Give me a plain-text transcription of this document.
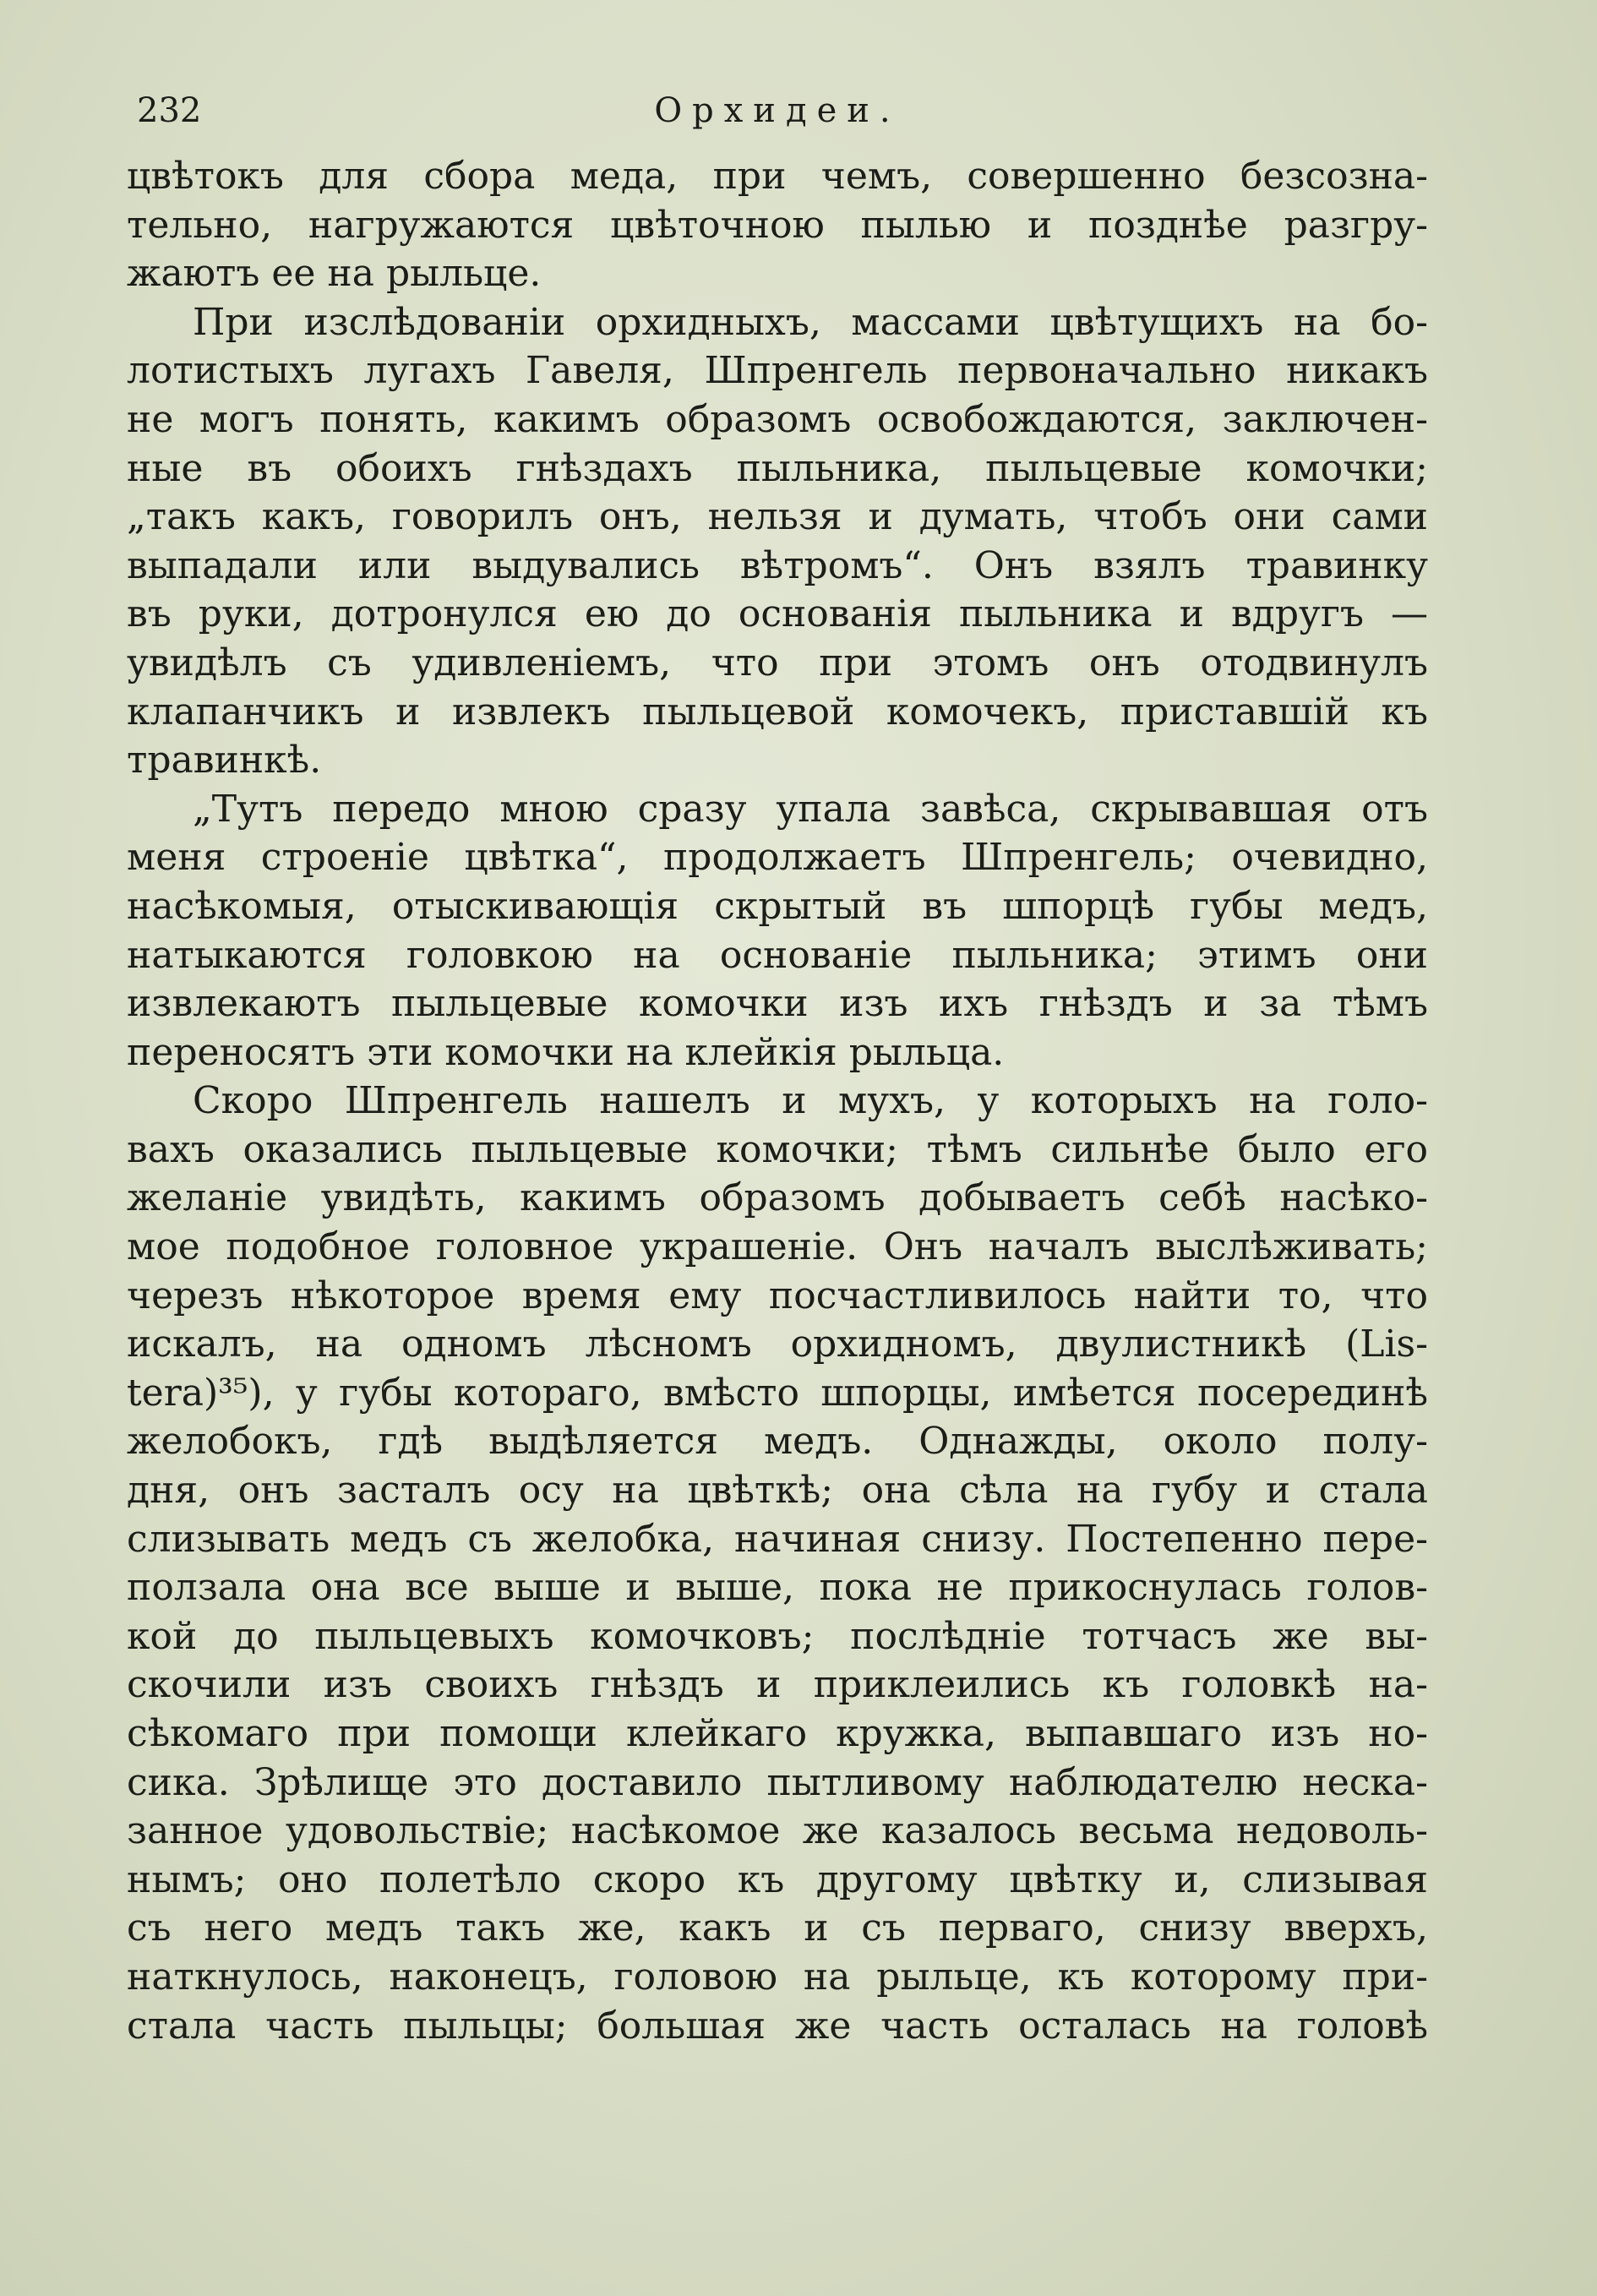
232	Орхидеи.
цвѣтокъ для сбора меда, при чемъ, совершенно безсозна-
тельно, нагружаются цвѣточною пылью и позднѣе разгру-
жаютъ ее на рыльце.
При изслѣдованіи орхидныхъ, массами цвѣтущихъ на бо-
лотистыхъ лугахъ Гавеля, Шпренгель первоначально никакъ
не могъ понять, какимъ образомъ освобождаются, заключен-
ные въ обоихъ гнѣздахъ пыльника, пыльцевые комочки;
„такъ какъ, говорилъ онъ, нельзя и думать, чтобъ они сами
выпадали или выдувались вѣтромъ“. Онъ взялъ травинку
въ руки, дотронулся ею до основанія пыльника и вдругъ —
увидѣлъ съ удивленіемъ, что при этомъ онъ отодвинулъ
клапанчикъ и извлекъ пыльцевой комочекъ, приставшій къ
травинкѣ.
„Тутъ передо мною сразу упала завѣса, скрывавшая отъ
меня строеніе цвѣтка“, продолжаетъ Шпренгель; очевидно,
насѣкомыя, отыскивающія скрытый въ шпорцѣ губы медъ,
натыкаются головкою на основаніе пыльника; этимъ они
извлекаютъ пыльцевые комочки изъ ихъ гнѣздъ и за тѣмъ
переносятъ эти комочки на клейкія рыльца.
Скоро Шпренгель нашелъ и мухъ, у которыхъ на голо-
вахъ оказались пыльцевые комочки; тѣмъ сильнѣе было его
желаніе увидѣть, какимъ образомъ добываетъ себѣ насѣко-
мое подобное головное украшеніе. Онъ началъ выслѣживать;
черезъ нѣкоторое время ему посчастливилось найти то, что
искалъ, на одномъ лѣсномъ орхидномъ, двулистникѣ (Lis-
tera)³⁵), у губы котораго, вмѣсто шпорцы, имѣется посерединѣ
желобокъ, гдѣ выдѣляется медъ. Однажды, около полу-
дня, онъ засталъ осу на цвѣткѣ; она сѣла на губу и стала
слизывать медъ съ желобка, начиная снизу. Постепенно пере-
ползала она все выше и выше, пока не прикоснулась голов-
кой до пыльцевыхъ комочковъ; послѣдніе тотчасъ же вы-
скочили изъ своихъ гнѣздъ и приклеились къ головкѣ на-
сѣкомаго при помощи клейкаго кружка, выпавшаго изъ но-
сика. Зрѣлище это доставило пытливому наблюдателю неска-
занное удовольствіе; насѣкомое же казалось весьма недоволь-
нымъ; оно полетѣло скоро къ другому цвѣтку и, слизывая
съ него медъ такъ же, какъ и съ перваго, снизу вверхъ,
наткнулось, наконецъ, головою на рыльце, къ которому при-
стала часть пыльцы; большая же часть осталась на головѣ
